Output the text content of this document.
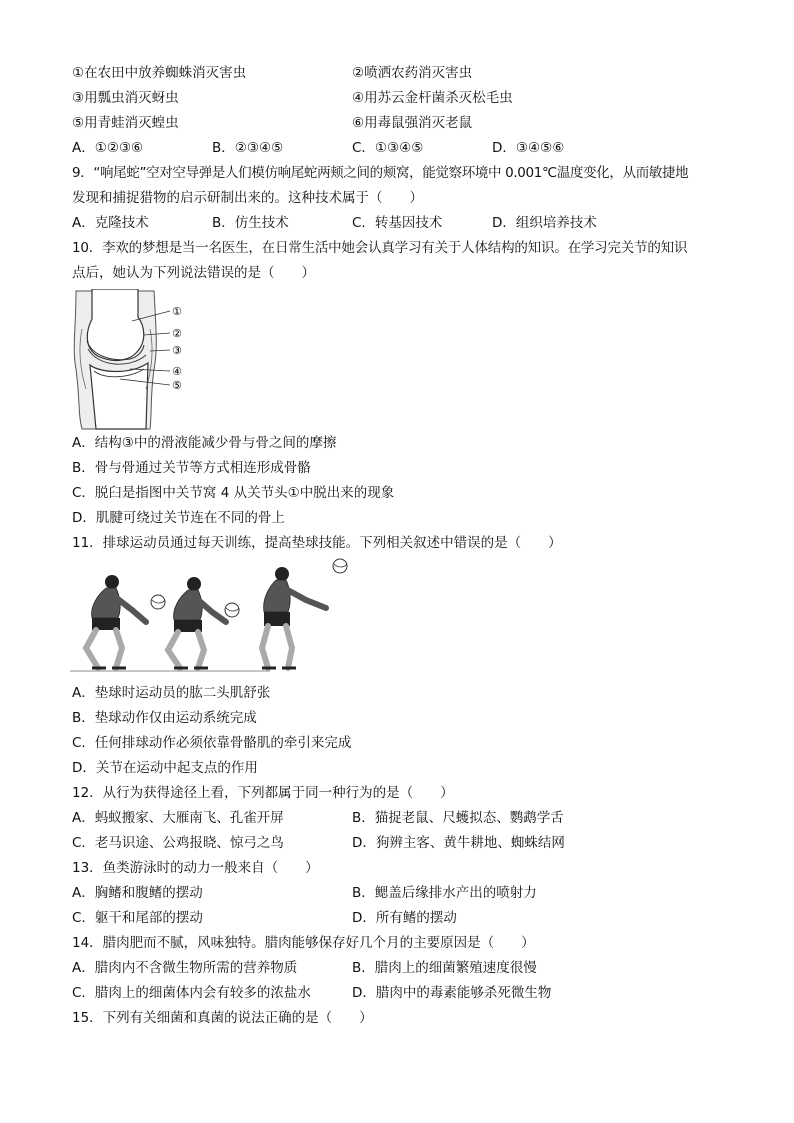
①在农田中放养蜘蛛消灭害虫	②喷洒农药消灭害虫
③用瓢虫消灭蚜虫	④用苏云金杆菌杀灭松毛虫
⑤用青蛙消灭蝗虫	⑥用毒鼠强消灭老鼠
A．①②③⑥	B．②③④⑤	C．①③④⑤	D．③④⑤⑥
9．“响尾蛇”空对空导弹是人们模仿响尾蛇两颊之间的颊窝，能觉察环境中 0.001℃温度变化，从而敏捷地
发现和捕捉猎物的启示研制出来的。这种技术属于（　　）
A．克隆技术	B．仿生技术	C．转基因技术	D．组织培养技术
10．李欢的梦想是当一名医生，在日常生活中她会认真学习有关于人体结构的知识。在学习完关节的知识
点后，她认为下列说法错误的是（　　）
①
②
③
④
⑤
A．结构③中的滑液能减少骨与骨之间的摩擦
B．骨与骨通过关节等方式相连形成骨骼
C．脱臼是指图中关节窝 4 从关节头①中脱出来的现象
D．肌腱可绕过关节连在不同的骨上
11．排球运动员通过每天训练，提高垫球技能。下列相关叙述中错误的是（　　）
A．垫球时运动员的肱二头肌舒张
B．垫球动作仅由运动系统完成
C．任何排球动作必须依靠骨骼肌的牵引来完成
D．关节在运动中起支点的作用
12．从行为获得途径上看，下列都属于同一种行为的是（　　）
A．蚂蚁搬家、大雁南飞、孔雀开屏	B．猫捉老鼠、尺蠖拟态、鹦鹉学舌
C．老马识途、公鸡报晓、惊弓之鸟	D．狗辨主客、黄牛耕地、蜘蛛结网
13．鱼类游泳时的动力一般来自（　　）
A．胸鳍和腹鳍的摆动	B．鳃盖后缘排水产出的喷射力
C．躯干和尾部的摆动	D．所有鳍的摆动
14．腊肉肥而不腻，风味独特。腊肉能够保存好几个月的主要原因是（　　）
A．腊肉内不含微生物所需的营养物质	B．腊肉上的细菌繁殖速度很慢
C．腊肉上的细菌体内会有较多的浓盐水	D．腊肉中的毒素能够杀死微生物
15．下列有关细菌和真菌的说法正确的是（　　）
